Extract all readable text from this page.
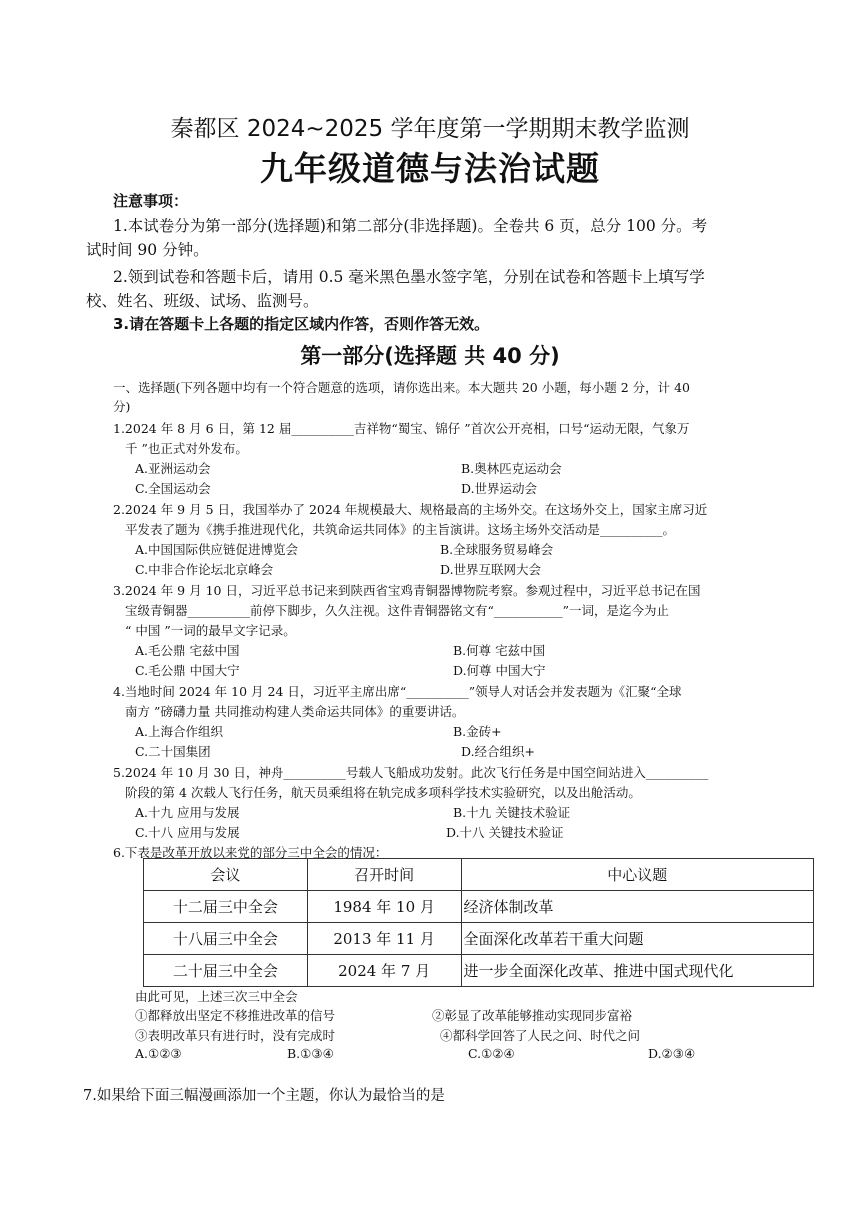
秦都区 2024~2025 学年度第一学期期末教学监测
九年级道德与法治试题
注意事项：
1.本试卷分为第一部分(选择题)和第二部分(非选择题)。全卷共 6 页，总分 100 分。考
试时间 90 分钟。
2.领到试卷和答题卡后，请用 0.5 毫米黑色墨水签字笔，分别在试卷和答题卡上填写学
校、姓名、班级、试场、监测号。
3.请在答题卡上各题的指定区域内作答，否则作答无效。
第一部分(选择题 共 40 分)
一、选择题(下列各题中均有一个符合题意的选项，请你选出来。本大题共 20 小题，每小题 2 分，计 40
分)
1.2024 年 8 月 6 日，第 12 届__________吉祥物“蜀宝、锦仔 ”首次公开亮相，口号“运动无限，气象万
千 ”也正式对外发布。
A.亚洲运动会	B.奥林匹克运动会
C.全国运动会	D.世界运动会
2.2024 年 9 月 5 日，我国举办了 2024 年规模最大、规格最高的主场外交。在这场外交上，国家主席习近
平发表了题为《携手推进现代化，共筑命运共同体》的主旨演讲。这场主场外交活动是__________。
A.中国国际供应链促进博览会	B.全球服务贸易峰会
C.中非合作论坛北京峰会	D.世界互联网大会
3.2024 年 9 月 10 日，习近平总书记来到陕西省宝鸡青铜器博物院考察。参观过程中，习近平总书记在国
宝级青铜器__________前停下脚步，久久注视。这件青铜器铭文有“___________”一词，是迄今为止
“ 中国 ”一词的最早文字记录。
A.毛公鼎 宅兹中国	B.何尊 宅兹中国
C.毛公鼎 中国大宁	D.何尊 中国大宁
4.当地时间 2024 年 10 月 24 日，习近平主席出席“__________”领导人对话会并发表题为《汇聚“全球
南方 ”磅礴力量 共同推动构建人类命运共同体》的重要讲话。
A.上海合作组织	B.金砖+
C.二十国集团	D.经合组织+
5.2024 年 10 月 30 日，神舟__________号载人飞船成功发射。此次飞行任务是中国空间站进入__________
阶段的第 4 次载人飞行任务，航天员乘组将在轨完成多项科学技术实验研究，以及出舱活动。
A.十九 应用与发展	B.十九 关键技术验证
C.十八 应用与发展	D.十八 关键技术验证
6.下表是改革开放以来党的部分三中全会的情况：
会议	召开时间	中心议题
十二届三中全会	1984 年 10 月	经济体制改革
十八届三中全会	2013 年 11 月	全面深化改革若干重大问题
二十届三中全会	2024 年 7 月	进一步全面深化改革、推进中国式现代化
由此可见，上述三次三中全会
①都释放出坚定不移推进改革的信号	②彰显了改革能够推动实现同步富裕
③表明改革只有进行时，没有完成时	④都科学回答了人民之问、时代之问
A.①②③	B.①③④	C.①②④	D.②③④
7.如果给下面三幅漫画添加一个主题，你认为最恰当的是
